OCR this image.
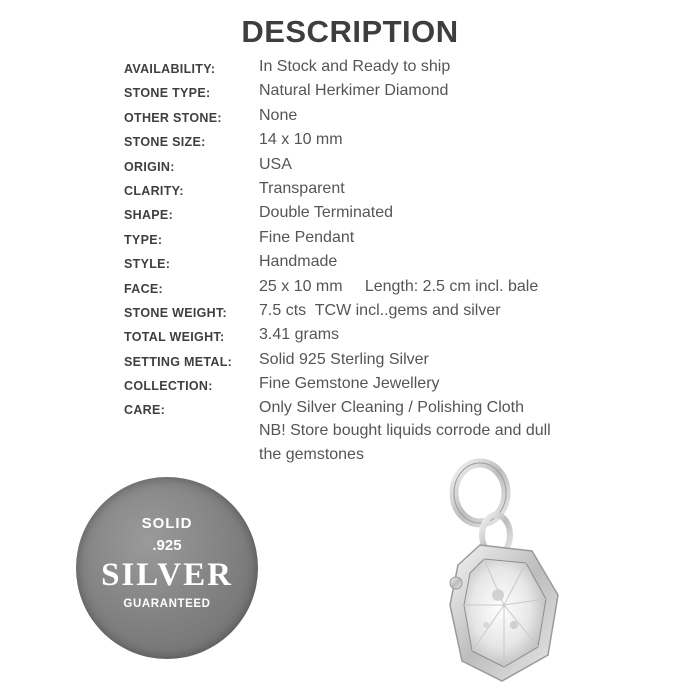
DESCRIPTION
AVAILABILITY:	In Stock and Ready to ship
STONE TYPE:	Natural Herkimer Diamond
OTHER STONE: None
STONE SIZE:	14 x 10 mm
ORIGIN:	USA
CLARITY:	Transparent
SHAPE:	Double Terminated
TYPE:	Fine Pendant
STYLE:	Handmade
FACE:	25 x 10 mm     Length: 2.5 cm incl. bale
STONE WEIGHT: 7.5 cts  TCW incl..gems and silver
TOTAL WEIGHT: 3.41 grams
SETTING METAL: Solid 925 Sterling Silver
COLLECTION:	Fine Gemstone Jewellery
CARE:	Only Silver Cleaning / Polishing Cloth
NB! Store bought liquids corrode and dull
the gemstones
SOLID
.925
SILVER
GUARANTEED
